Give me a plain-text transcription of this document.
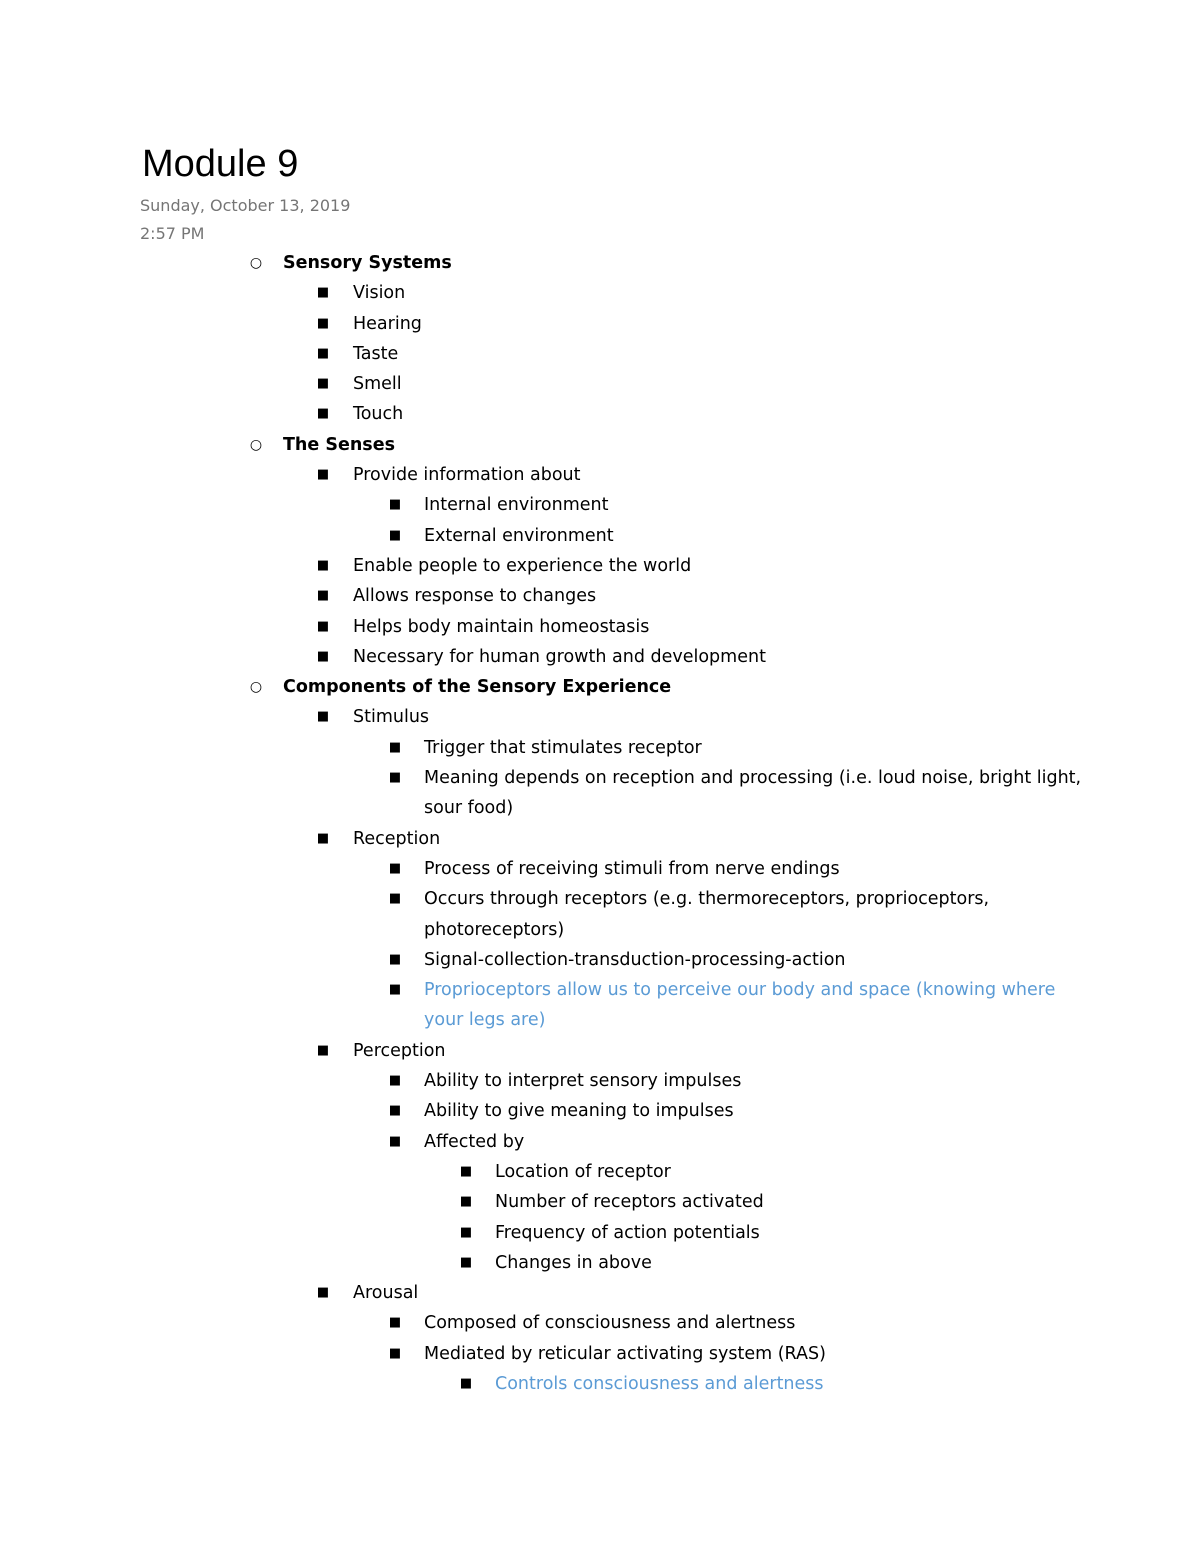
Module 9
Sunday, October 13, 2019
2:57 PM
○	Sensory Systems
■	Vision
■	Hearing
■	Taste
■	Smell
■	Touch
○	The Senses
■	Provide information about
■	Internal environment
■	External environment
■	Enable people to experience the world
■	Allows response to changes
■	Helps body maintain homeostasis
■	Necessary for human growth and development
○	Components of the Sensory Experience
■	Stimulus
■	Trigger that stimulates receptor
■	Meaning depends on reception and processing (i.e. loud noise, bright light, sour food)
■	Reception
■	Process of receiving stimuli from nerve endings
■	Occurs through receptors (e.g. thermoreceptors, proprioceptors, photoreceptors)
■	Signal-collection-transduction-processing-action
■	Proprioceptors allow us to perceive our body and space (knowing where your legs are)
■	Perception
■	Ability to interpret sensory impulses
■	Ability to give meaning to impulses
■	Affected by
■	Location of receptor
■	Number of receptors activated
■	Frequency of action potentials
■	Changes in above
■	Arousal
■	Composed of consciousness and alertness
■	Mediated by reticular activating system (RAS)
■	Controls consciousness and alertness
